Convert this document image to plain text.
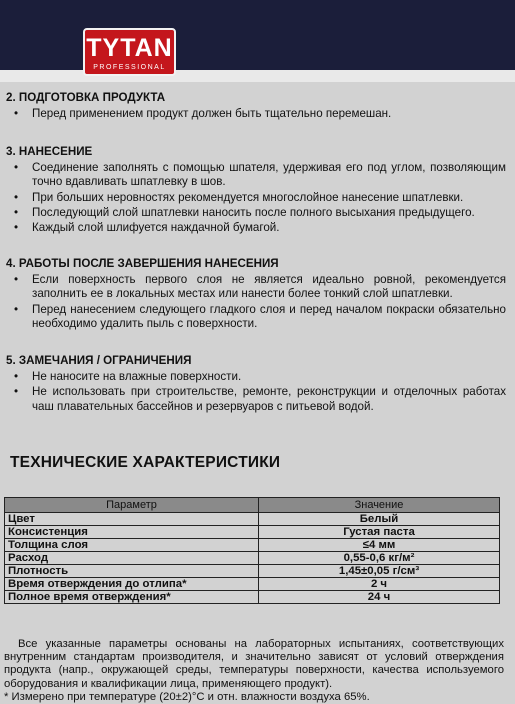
TYTAN
PROFESSIONAL
2. ПОДГОТОВКА ПРОДУКТА
• Перед применением продукт должен быть тщательно перемешан.
3. НАНЕСЕНИЕ
• Соединение заполнять с помощью шпателя, удерживая его под углом, позволяющим точно вдавливать шпатлевку в шов.
• При больших неровностях рекомендуется многослойное нанесение шпатлевки.
• Последующий слой шпатлевки наносить после полного высыхания предыдущего.
• Каждый слой шлифуется наждачной бумагой.
4. РАБОТЫ ПОСЛЕ ЗАВЕРШЕНИЯ НАНЕСЕНИЯ
• Если поверхность первого слоя не является идеально ровной, рекомендуется заполнить ее в локальных местах или нанести более тонкий слой шпатлевки.
• Перед нанесением следующего гладкого слоя и перед началом покраски обязательно необходимо удалить пыль с поверхности.
5. ЗАМЕЧАНИЯ / ОГРАНИЧЕНИЯ
• Не наносите на влажные поверхности.
• Не использовать при строительстве, ремонте, реконструкции и отделочных работах чаш плавательных бассейнов и резервуаров с питьевой водой.
ТЕХНИЧЕСКИЕ ХАРАКТЕРИСТИКИ
Параметр	Значение
Цвет	Белый
Консистенция	Густая паста
Толщина слоя	≤4 мм
Расход	0,55-0,6 кг/м²
Плотность	1,45±0,05 г/см³
Время отверждения до отлипа*	2 ч
Полное время отверждения*	24 ч

Все указанные параметры основаны на лабораторных испытаниях, соответствующих внутренним стандартам производителя, и значительно зависят от условий отверждения продукта (напр., окружающей среды, температуры поверхности, качества используемого оборудования и квалификации лица, применяющего продукт).

* Измерено при температуре (20±2)°C и отн. влажности воздуха 65%.
